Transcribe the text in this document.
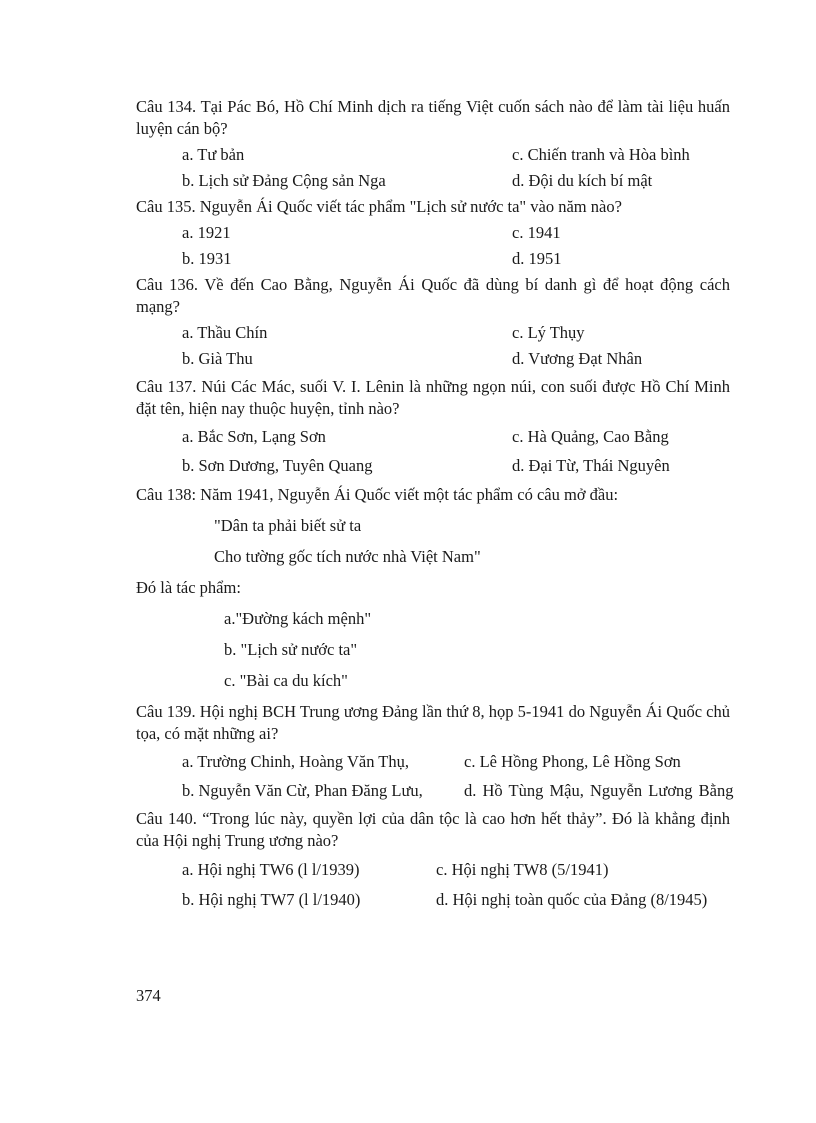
Câu 134. Tại Pác Bó, Hồ Chí Minh dịch ra tiếng Việt cuốn sách nào để làm tài liệu huấn luyện cán bộ?

a. Tư bản	c. Chiến tranh và Hòa bình
b. Lịch sử Đảng Cộng sản Nga	d. Đội du kích bí mật

Câu 135. Nguyễn Ái Quốc viết tác phẩm "Lịch sử nước ta" vào năm nào?

a. 1921	c. 1941
b. 1931	d. 1951

Câu 136. Về đến Cao Bằng, Nguyễn Ái Quốc đã dùng bí danh gì để hoạt động cách mạng?

a. Thầu Chín	c. Lý Thụy
b. Già Thu	d. Vương Đạt Nhân

Câu 137. Núi Các Mác, suối V. I. Lênin là những ngọn núi, con suối được Hồ Chí Minh đặt tên, hiện nay thuộc huyện, tỉnh nào?

a. Bắc Sơn, Lạng Sơn	c. Hà Quảng, Cao Bằng
b. Sơn Dương, Tuyên Quang	d. Đại Từ, Thái Nguyên

Câu 138: Năm 1941, Nguyễn Ái Quốc viết một tác phẩm có câu mở đầu:

"Dân ta phải biết sử ta
Cho tường gốc tích nước nhà Việt Nam"

Đó là tác phẩm:

a."Đường kách mệnh"
b. "Lịch sử nước ta"
c. "Bài ca du kích"

Câu 139. Hội nghị BCH Trung ương Đảng lần thứ 8, họp 5-1941 do Nguyễn Ái Quốc chủ tọa, có mặt những ai?

a. Trường Chinh, Hoàng Văn Thụ,	c. Lê Hồng Phong, Lê Hồng Sơn
b. Nguyễn Văn Cừ, Phan Đăng Lưu,	d. Hồ Tùng Mậu, Nguyễn Lương Bằng

Câu 140. “Trong lúc này, quyền lợi của dân tộc là cao hơn hết thảy”. Đó là khẳng định của Hội nghị Trung ương nào?

a. Hội nghị TW6 (l l/1939)	c. Hội nghị TW8 (5/1941)
b. Hội nghị TW7 (l l/1940)	d. Hội nghị toàn quốc của Đảng (8/1945)
374
